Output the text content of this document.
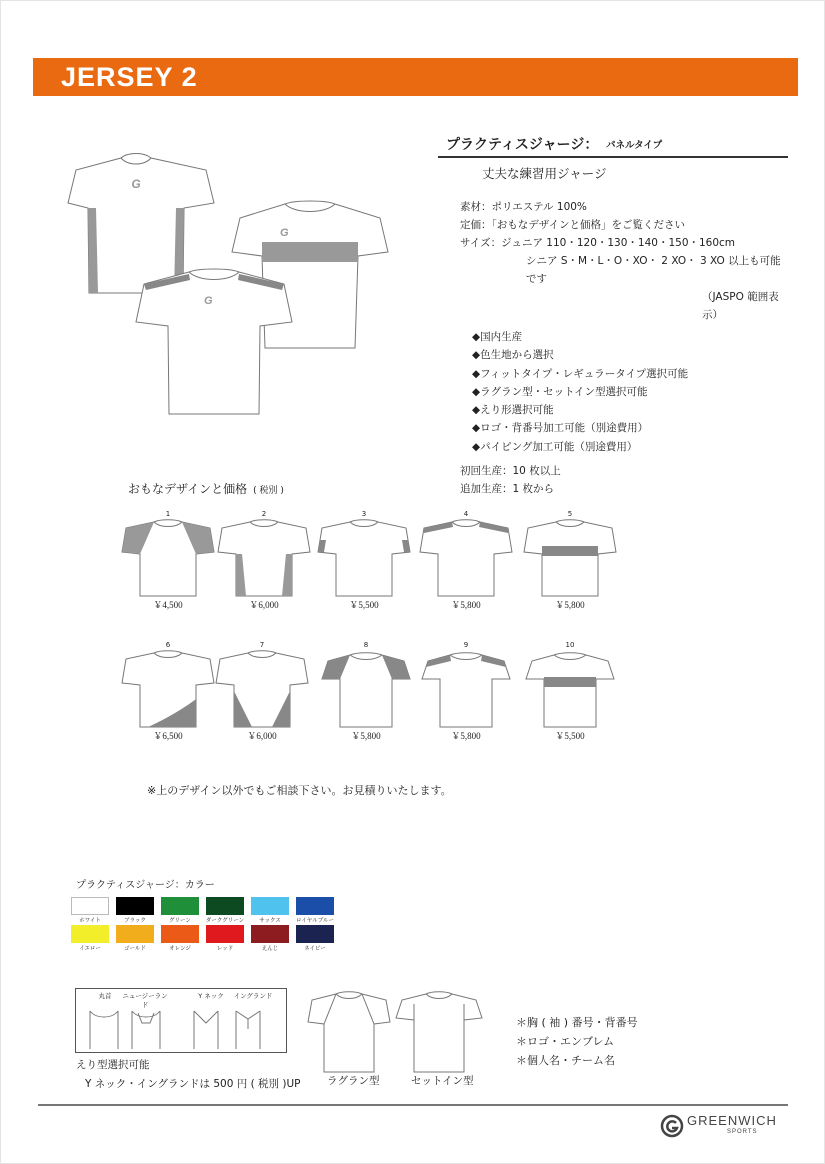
JERSEY 2
G
G
G
プラクティスジャージ： パネルタイプ
丈夫な練習用ジャージ
素材：ポリエステル 100%
定価：「おもなデザインと価格」をご覧ください
サイズ：ジュニア 110・120・130・140・150・160cm
シニア S・M・L・O・XO・ 2 XO・ 3 XO 以上も可能です
（JASPO 範囲表示）
◆国内生産
◆色生地から選択
◆フィットタイプ・レギュラータイプ選択可能
◆ラグラン型・セットイン型選択可能
◆えり形選択可能
◆ロゴ・背番号加工可能（別途費用）
◆パイピング加工可能（別途費用）
初回生産：10 枚以上
追加生産：1 枚から
おもなデザインと価格 ( 税別 )
1
￥4,500
2
￥6,000
3
￥5,500
4
￥5,800
5
￥5,800
6
￥6,500
7
￥6,000
8
￥5,800
9
￥5,800
10
￥5,500
※上のデザイン以外でもご相談下さい。お見積りいたします。
プラクティスジャージ：カラー
ホワイト	ブラック	グリーン	ダークグリーン	サックス	ロイヤルブルー
イエロー	ゴールド	オレンジ	レッド	えんじ	ネイビー
丸首	ニュージーランド
Y ネック	イングランド
えり型選択可能
Y ネック・イングランドは 500 円 ( 税別 )UP	ラグラン型	セットイン型
＊胸 ( 袖 ) 番号・背番号
＊ロゴ・エンブレム
＊個人名・チーム名
GREENWICH
SPORTS
